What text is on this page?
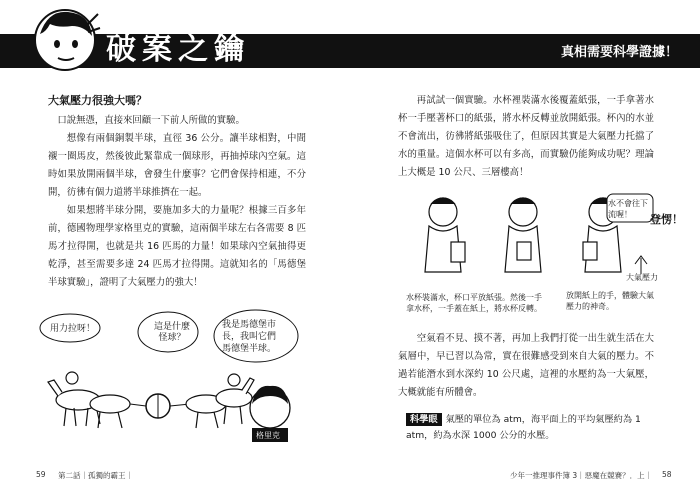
破案之鑰	真相需要科學證據！
大氣壓力很強大嗎？

口說無憑，直接來回顧一下前人所做的實驗。

想像有兩個銅製半球，直徑 36 公分。讓半球相對，中間襯一圈馬皮，然後彼此緊靠成一個球形，再抽掉球內空氣。這時如果放開兩個半球，會發生什麼事？它們會保持相連，不分開，彷彿有個力道將半球推擠在一起。

如果想將半球分開，要施加多大的力量呢？根據三百多年前，德國物理學家格里克的實驗，這兩個半球左右各需要 8 匹馬才拉得開，也就是共 16 匹馬的力量！如果球內空氣抽得更乾淨，甚至需要多達 24 匹馬才拉得開。這就知名的「馬德堡半球實驗」，證明了大氣壓力的強大！

用力拉呀！	這是什麼怪球？
我是馬德堡市
長，我叫它們
馬德堡半球。
格里克
59 第二話｜孤獨的霸王｜

再試試一個實驗。水杯裡裝滿水後覆蓋紙張，一手拿著水杯一手壓著杯口的紙張，將水杯反轉並放開紙張。杯內的水並不會流出，彷彿將紙張吸住了，但原因其實是大氣壓力托擋了水的重量。這個水杯可以有多高，而實驗仍能夠成功呢？理論上大概是 10 公尺、三層樓高！

水不會往下流喔！	登愣！
大氣壓力
水杯裝滿水，杯口平放紙張。然後一手拿水杯，一手蓋在紙上，將水杯反轉。
放開紙上的手，體驗大氣壓力的神奇。

空氣看不見、摸不著，再加上我們打從一出生就生活在大氣層中，早已習以為常，實在很難感受到來自大氣的壓力。不過若能潛水到水深約 10 公尺處，這裡的水壓約為一大氣壓，大概就能有所體會。

科學眼 氣壓的單位為 atm，海平面上的平均氣壓約為 1 atm，約為水深 1000 公分的水壓。
少年一推理事件簿 3｜惡魔在競賽？．上｜ 58
